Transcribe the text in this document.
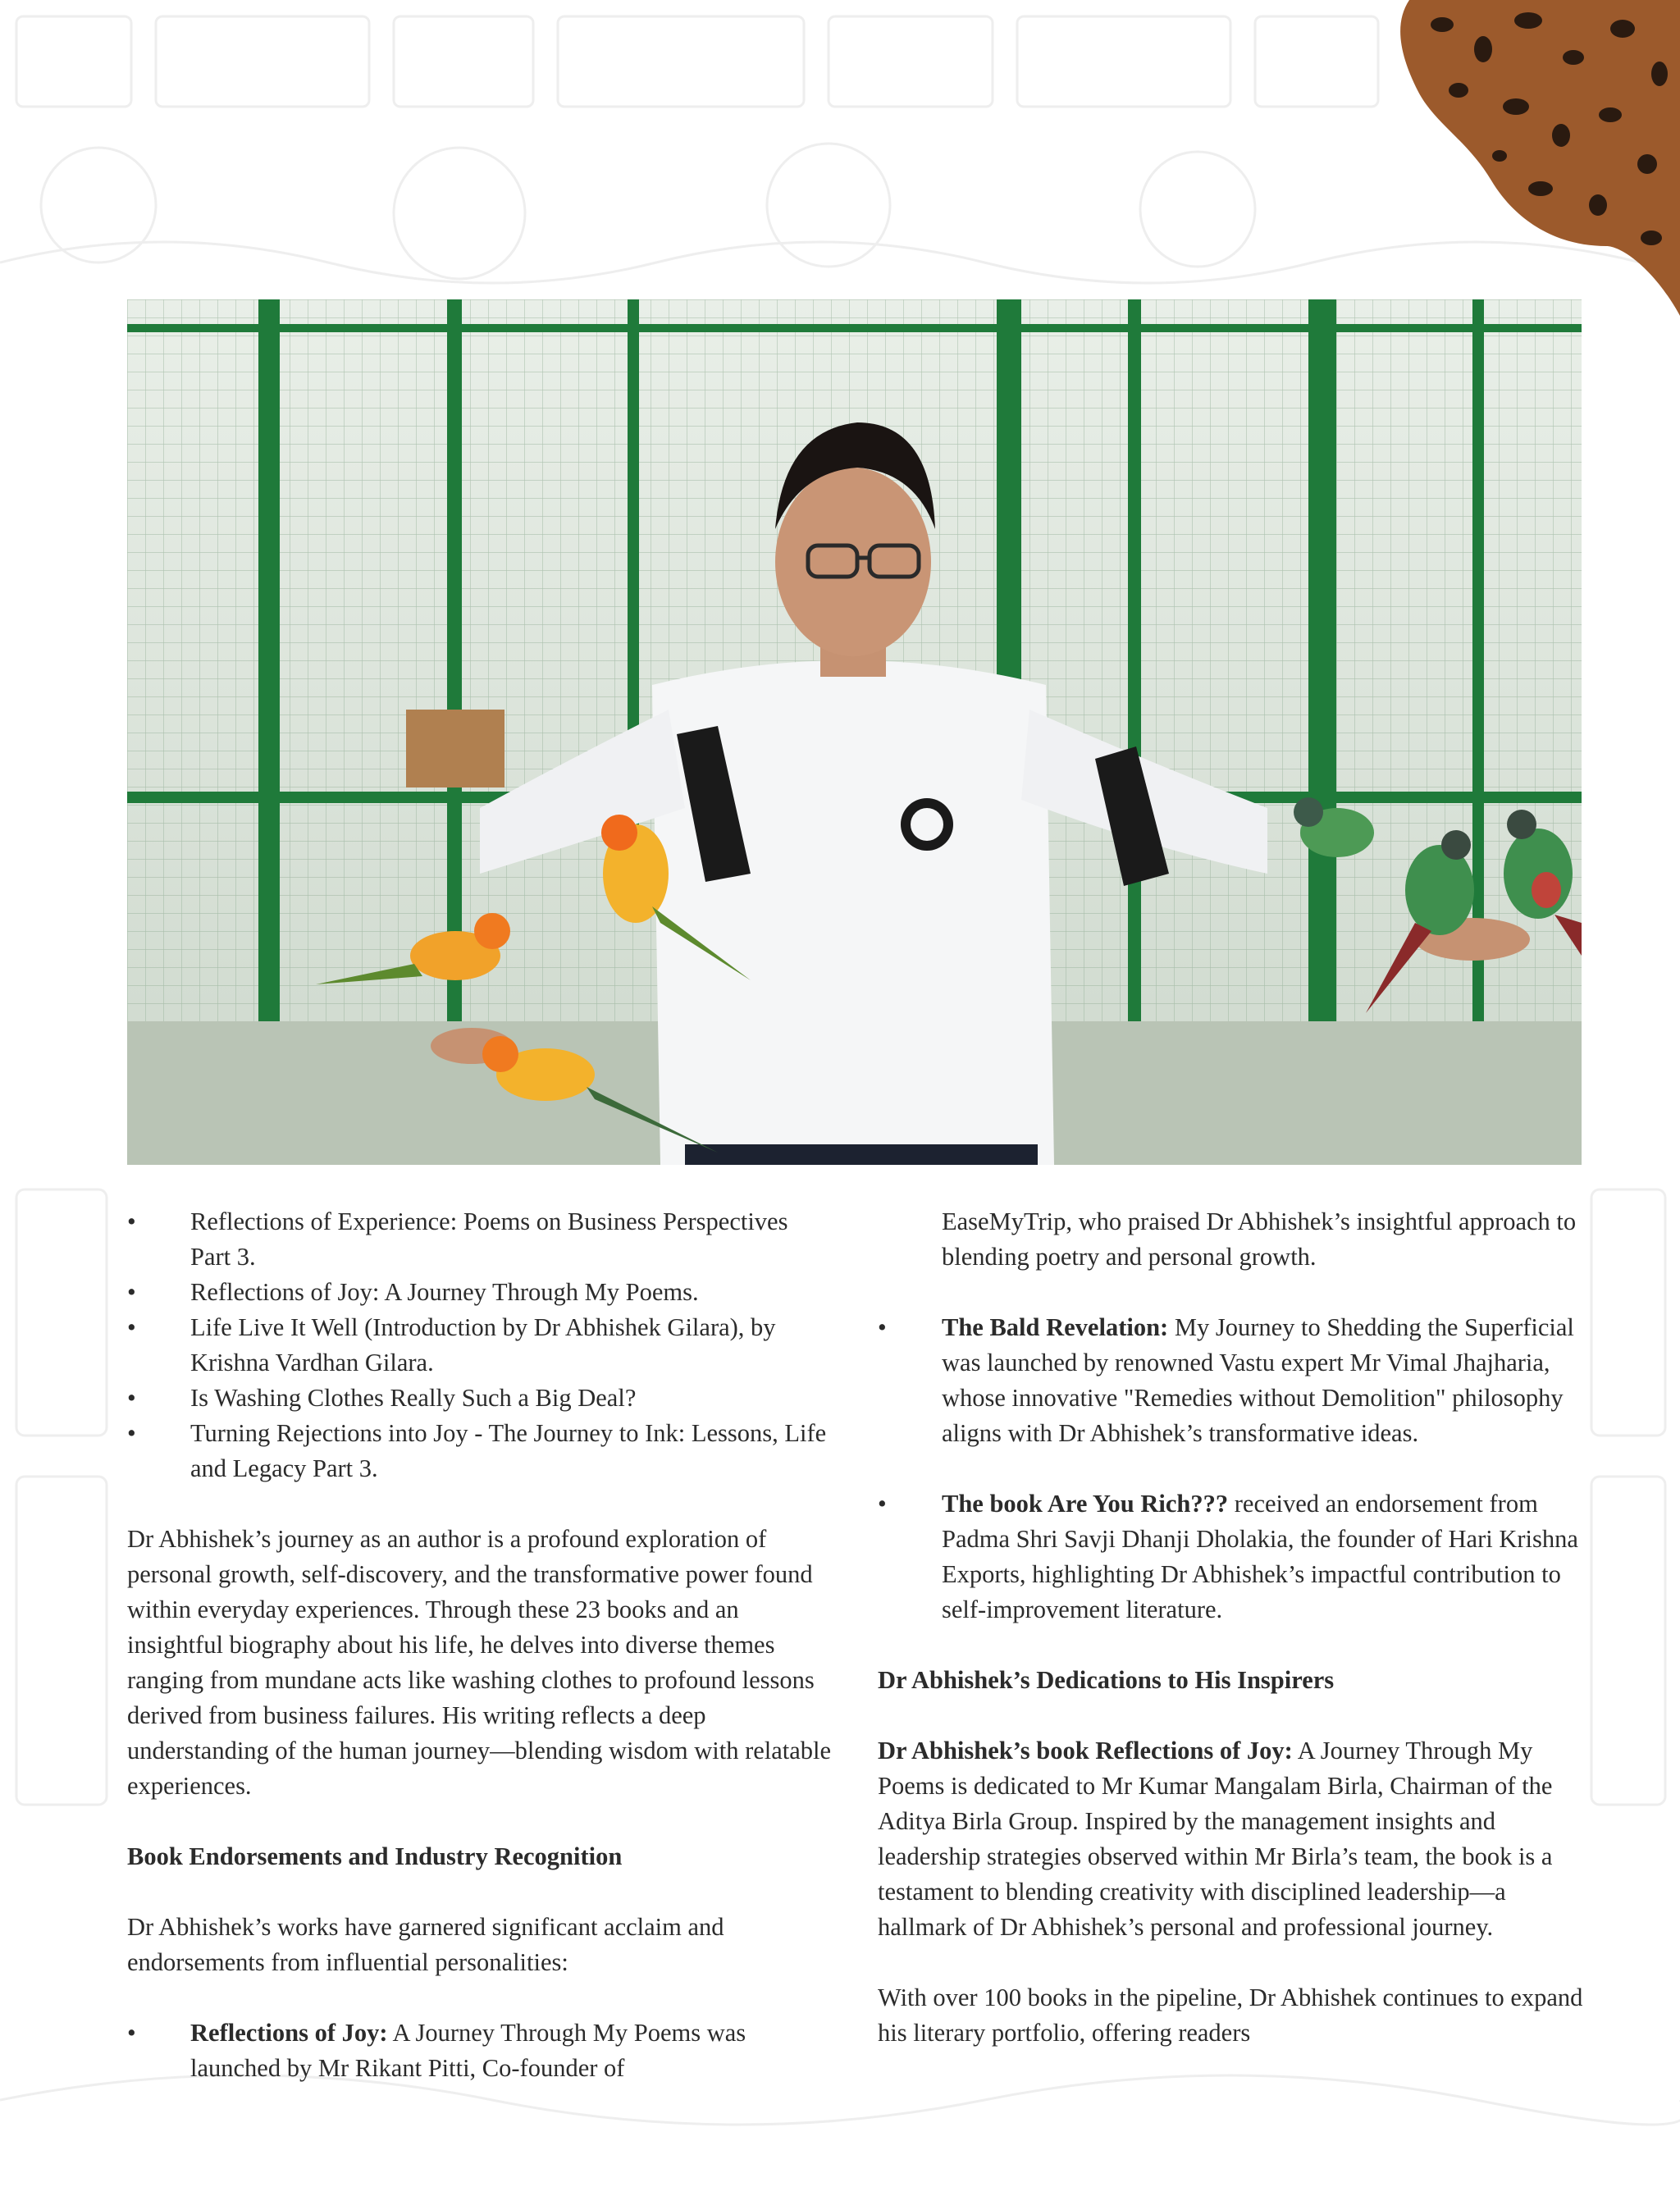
• Reflections of Experience: Poems on Business Perspectives Part 3.
• Reflections of Joy: A Journey Through My Poems.
• Life Live It Well (Introduction by Dr Abhishek Gilara), by Krishna Vardhan Gilara.
• Is Washing Clothes Really Such a Big Deal?
• Turning Rejections into Joy - The Journey to Ink: Lessons, Life and Legacy Part 3.

Dr Abhishek’s journey as an author is a profound exploration of personal growth, self-discovery, and the transformative power found within everyday experiences. Through these 23 books and an insightful biography about his life, he delves into diverse themes ranging from mundane acts like washing clothes to profound lessons derived from business failures. His writing reflects a deep understanding of the human journey—blending wisdom with relatable experiences.

Book Endorsements and Industry Recognition

Dr Abhishek’s works have garnered significant acclaim and endorsements from influential personalities:

• Reflections of Joy: A Journey Through My Poems was launched by Mr Rikant Pitti, Co-founder of
EaseMyTrip, who praised Dr Abhishek’s insightful approach to blending poetry and personal growth.
• The Bald Revelation: My Journey to Shedding the Superficial was launched by renowned Vastu expert Mr Vimal Jhajharia, whose innovative "Remedies without Demolition" philosophy aligns with Dr Abhishek’s transformative ideas.
• The book Are You Rich??? received an endorsement from Padma Shri Savji Dhanji Dholakia, the founder of Hari Krishna Exports, highlighting Dr Abhishek’s impactful contribution to self-improvement literature.

Dr Abhishek’s Dedications to His Inspirers

Dr Abhishek’s book Reflections of Joy: A Journey Through My Poems is dedicated to Mr Kumar Mangalam Birla, Chairman of the Aditya Birla Group. Inspired by the management insights and leadership strategies observed within Mr Birla’s team, the book is a testament to blending creativity with disciplined leadership—a hallmark of Dr Abhishek’s personal and professional journey.

With over 100 books in the pipeline, Dr Abhishek continues to expand his literary portfolio, offering readers
